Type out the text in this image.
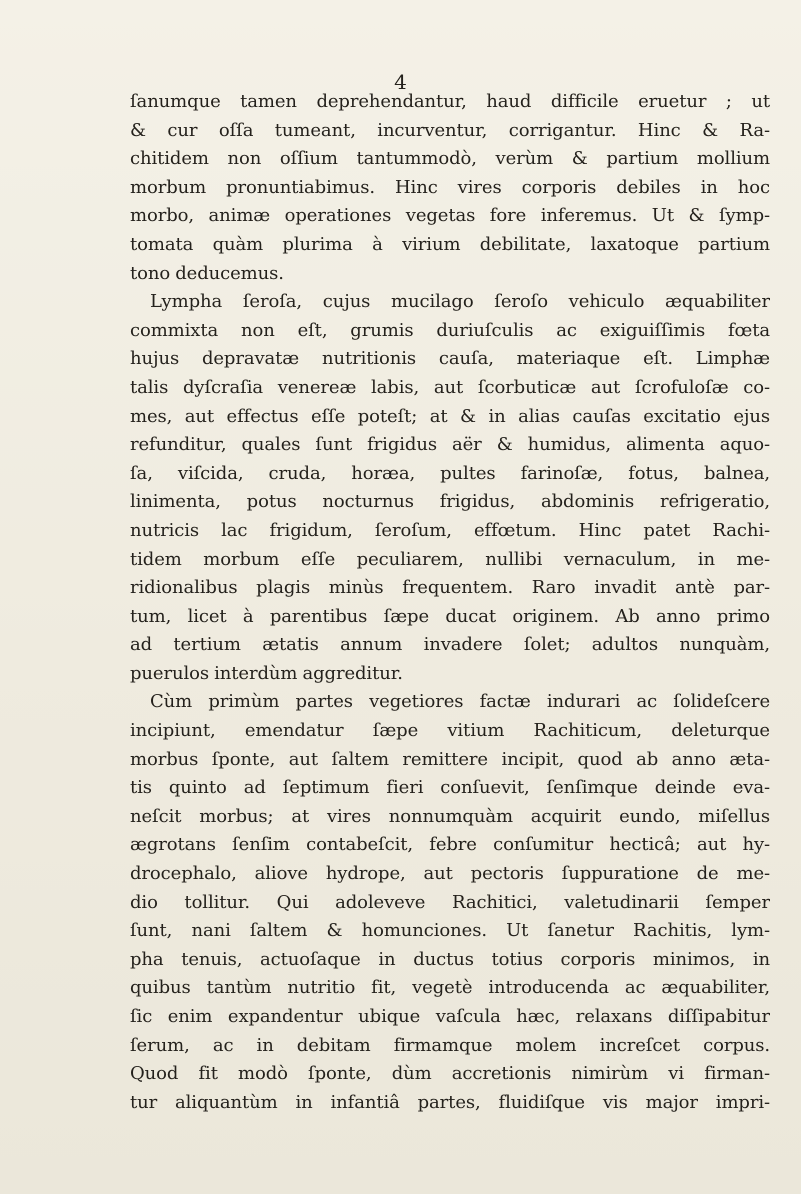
4
ſanumque tamen deprehendantur, haud difficile eruetur ; ut
& cur oſſa tumeant, incurventur, corrigantur. Hinc & Ra-
chitidem non oſſium tantummodò, verùm & partium mollium
morbum pronuntiabimus. Hinc vires corporis debiles in hoc
morbo, animæ operationes vegetas fore inferemus. Ut & ſymp-
tomata quàm plurima à virium debilitate, laxatoque partium
tono deducemus.
Lympha ſeroſa, cujus mucilago ſeroſo vehiculo æquabiliter
commixta non eſt, grumis duriuſculis ac exiguiſſimis fœta
hujus depravatæ nutritionis cauſa, materiaque eſt. Limphæ
talis dyſcraſia venereæ labis, aut ſcorbuticæ aut ſcrofuloſæ co-
mes, aut effectus eſſe poteſt; at & in alias cauſas excitatio ejus
refunditur, quales ſunt frigidus aër & humidus, alimenta aquo-
ſa, viſcida, cruda, horæa, pultes farinoſæ, fotus, balnea,
linimenta, potus nocturnus frigidus, abdominis refrigeratio,
nutricis lac frigidum, ſeroſum, effœtum. Hinc patet Rachi-
tidem morbum eſſe peculiarem, nullibi vernaculum, in me-
ridionalibus plagis minùs frequentem. Raro invadit antè par-
tum, licet à parentibus ſæpe ducat originem. Ab anno primo
ad tertium ætatis annum invadere ſolet; adultos nunquàm,
puerulos interdùm aggreditur.
Cùm primùm partes vegetiores factæ indurari ac ſolideſcere
incipiunt, emendatur ſæpe vitium Rachiticum, deleturque
morbus ſponte, aut ſaltem remittere incipit, quod ab anno æta-
tis quinto ad ſeptimum fieri conſuevit, ſenſimque deinde eva-
neſcit morbus; at vires nonnumquàm acquirit eundo, miſellus
ægrotans ſenſim contabeſcit, febre conſumitur hecticâ; aut hy-
drocephalo, aliove hydrope, aut pectoris ſuppuratione de me-
dio tollitur. Qui adoleveve Rachitici, valetudinarii ſemper
ſunt, nani ſaltem & homunciones. Ut ſanetur Rachitis, lym-
pha tenuis, actuoſaque in ductus totius corporis minimos, in
quibus tantùm nutritio fit, vegetè introducenda ac æquabiliter,
ſic enim expandentur ubique vaſcula hæc, relaxans diſſipabitur
ſerum, ac in debitam firmamque molem increſcet corpus.
Quod fit modò ſponte, dùm accretionis nimirùm vi firman-
tur aliquantùm in infantiâ partes, fluidiſque vis major impri-
